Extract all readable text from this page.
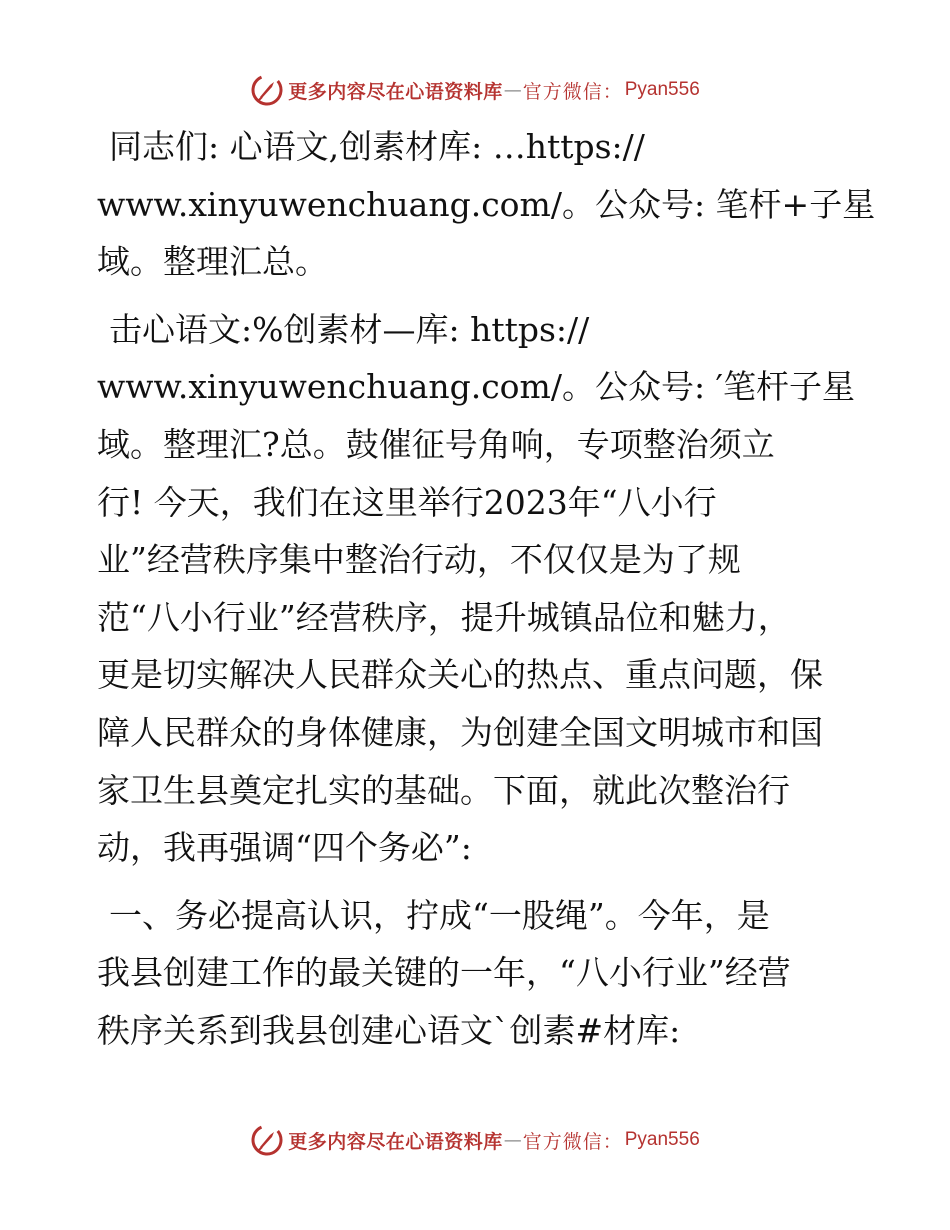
更多内容尽在心语资料库 — 官方微信： Pyan556

同志们: 心语文,创素材库: …https://
www.xinyuwenchuang.com/。公众号: 笔杆+子星
域。整理汇总。

击心语文:%创素材—库: https://
www.xinyuwenchuang.com/。公众号: ′笔杆子星
域。整理汇?总。鼓催征号角响，专项整治须立
行! 今天，我们在这里举行2023年“八小行
业”经营秩序集中整治行动，不仅仅是为了规
范“八小行业”经营秩序，提升城镇品位和魅力，
更是切实解决人民群众关心的热点、重点问题，保
障人民群众的身体健康，为创建全国文明城市和国
家卫生县奠定扎实的基础。下面，就此次整治行
动，我再强调“四个务必”:

一、务必提高认识，拧成“一股绳”。今年，是
我县创建工作的最关键的一年，“八小行业”经营
秩序关系到我县创建心语文`创素#材库:

更多内容尽在心语资料库 — 官方微信： Pyan556
